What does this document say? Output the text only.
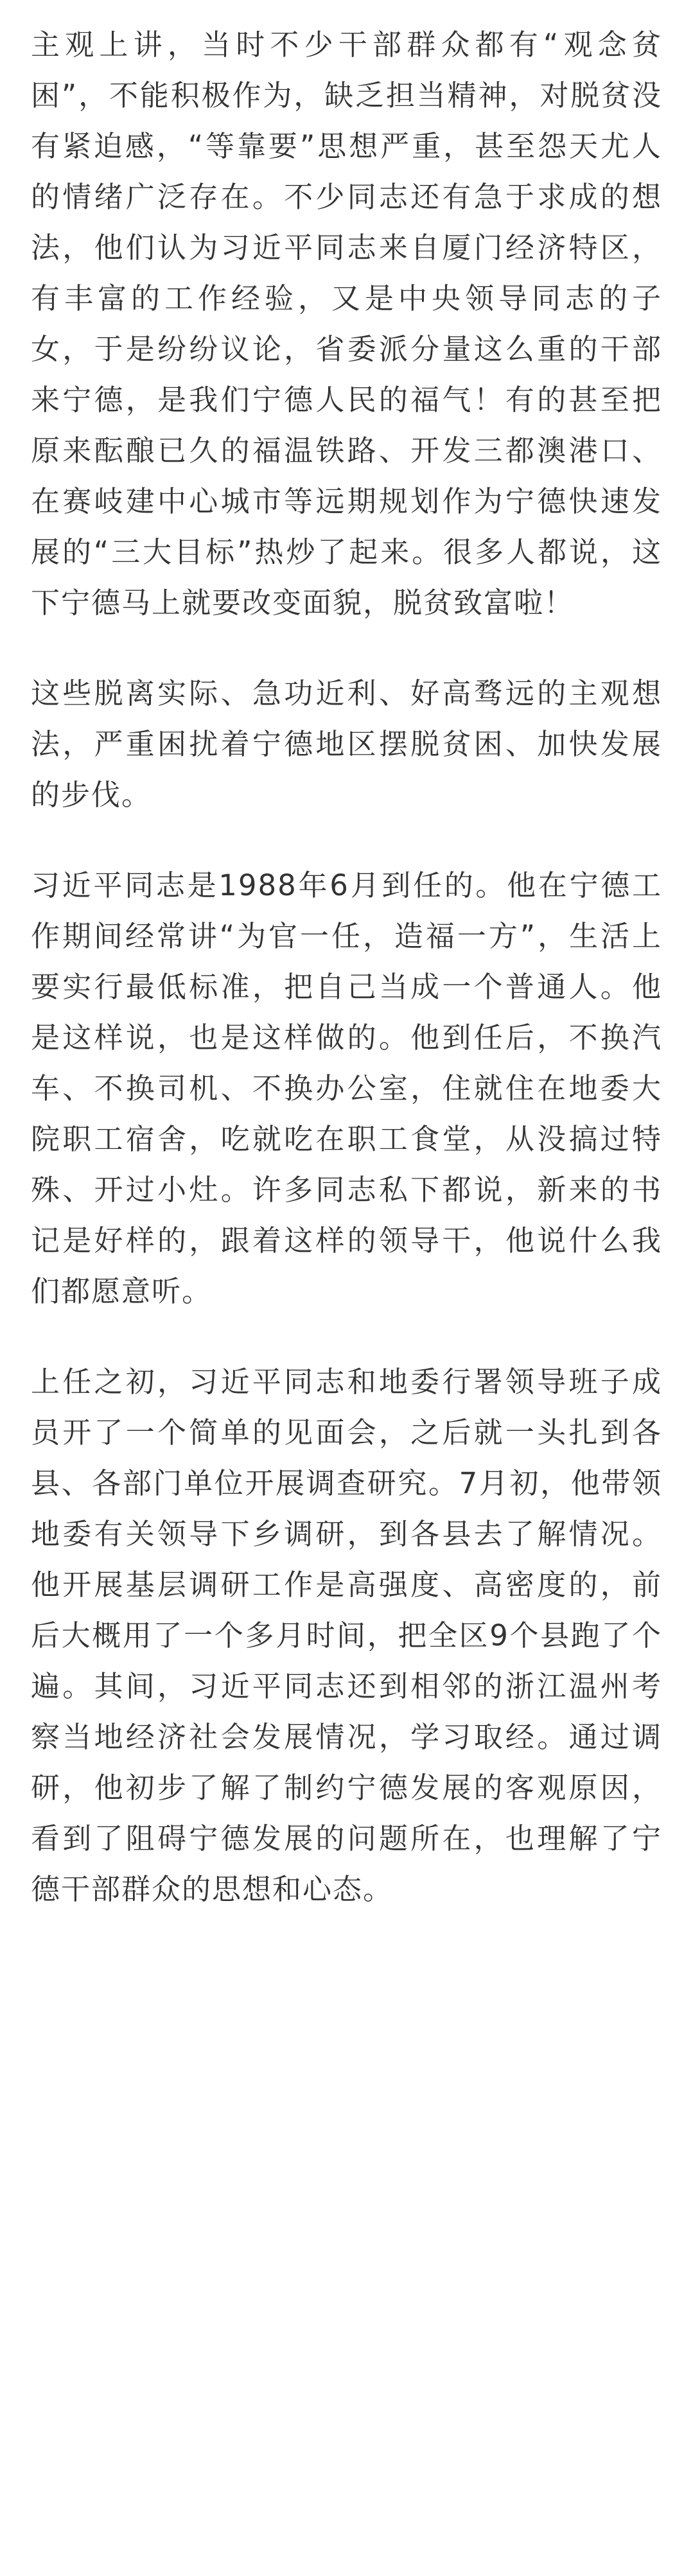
主观上讲，当时不少干部群众都有“观念贫困”，不能积极作为，缺乏担当精神，对脱贫没有紧迫感，“等靠要”思想严重，甚至怨天尤人的情绪广泛存在。不少同志还有急于求成的想法，他们认为习近平同志来自厦门经济特区，有丰富的工作经验，又是中央领导同志的子女，于是纷纷议论，省委派分量这么重的干部来宁德，是我们宁德人民的福气！有的甚至把原来酝酿已久的福温铁路、开发三都澳港口、在赛岐建中心城市等远期规划作为宁德快速发展的“三大目标”热炒了起来。很多人都说，这下宁德马上就要改变面貌，脱贫致富啦！

这些脱离实际、急功近利、好高骛远的主观想法，严重困扰着宁德地区摆脱贫困、加快发展的步伐。

习近平同志是1988年6月到任的。他在宁德工作期间经常讲“为官一任，造福一方”，生活上要实行最低标准，把自己当成一个普通人。他是这样说，也是这样做的。他到任后，不换汽车、不换司机、不换办公室，住就住在地委大院职工宿舍，吃就吃在职工食堂，从没搞过特殊、开过小灶。许多同志私下都说，新来的书记是好样的，跟着这样的领导干，他说什么我们都愿意听。

上任之初，习近平同志和地委行署领导班子成员开了一个简单的见面会，之后就一头扎到各县、各部门单位开展调查研究。7月初，他带领地委有关领导下乡调研，到各县去了解情况。他开展基层调研工作是高强度、高密度的，前后大概用了一个多月时间，把全区9个县跑了个遍。其间，习近平同志还到相邻的浙江温州考察当地经济社会发展情况，学习取经。通过调研，他初步了解了制约宁德发展的客观原因，看到了阻碍宁德发展的问题所在，也理解了宁德干部群众的思想和心态。
